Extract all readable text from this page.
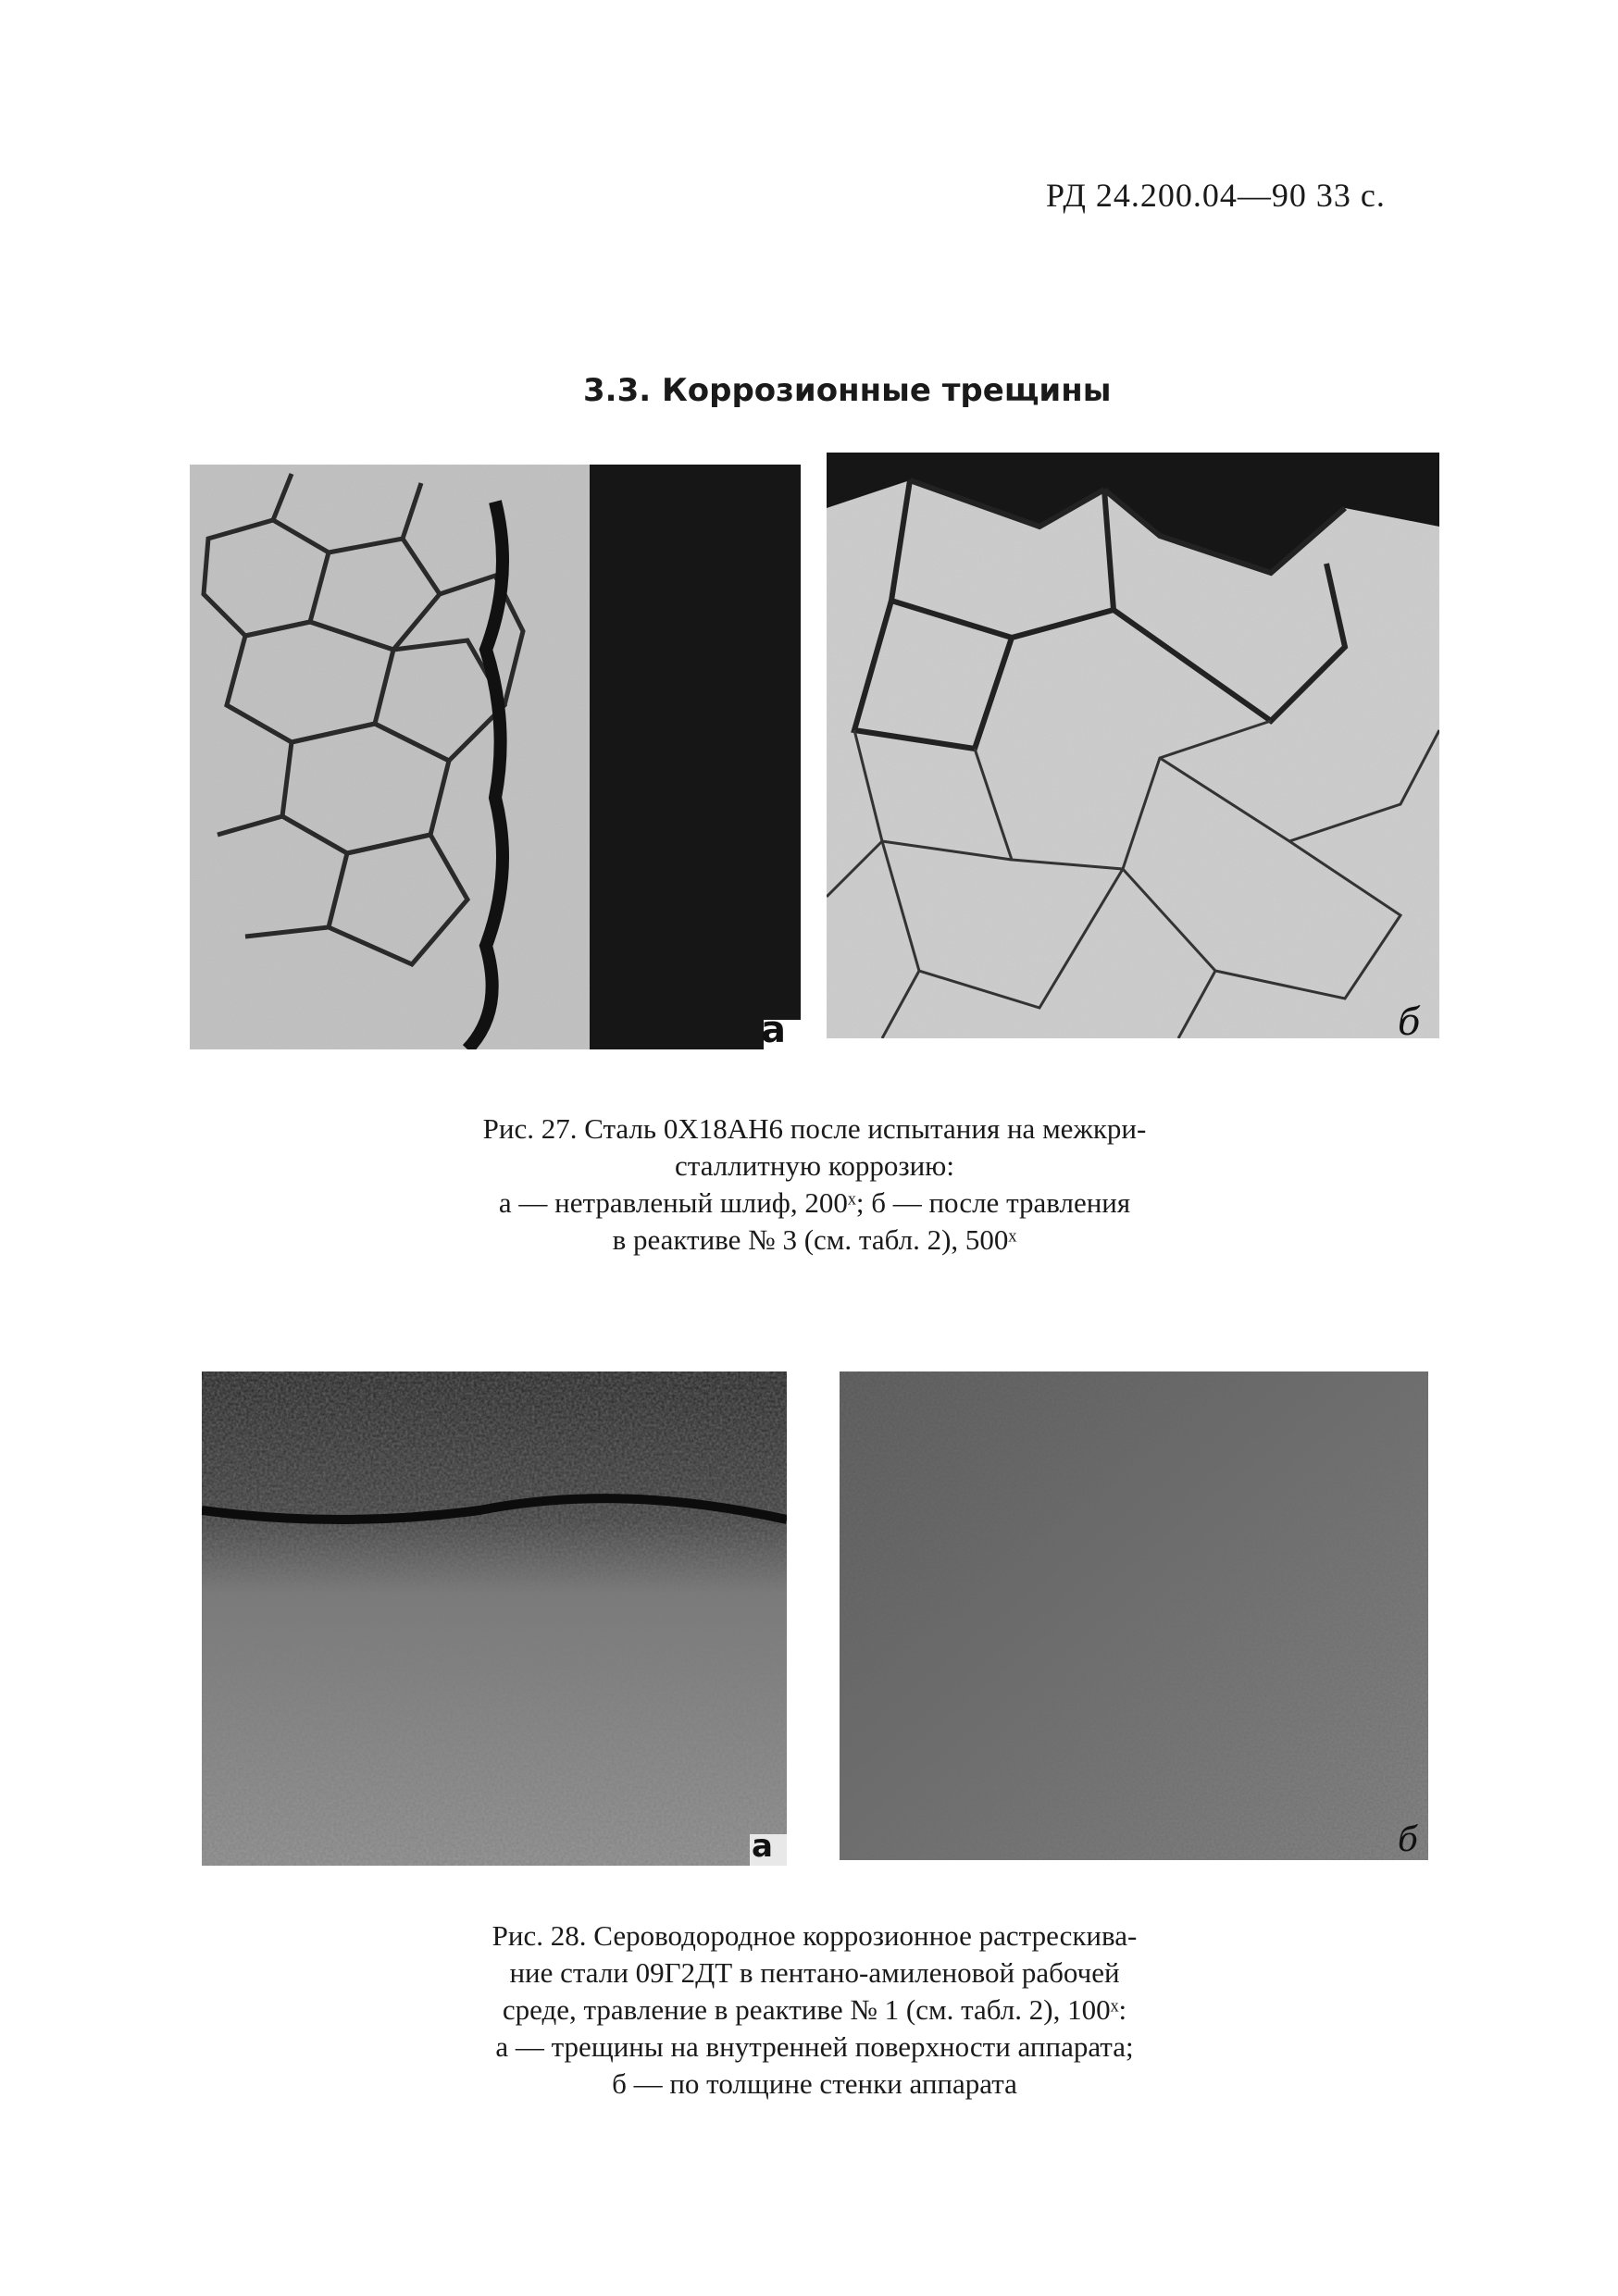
РД 24.200.04—90 33 с.
3.3. Коррозионные трещины
а	б
Рис. 27. Сталь 0Х18АН6 после испытания на межкри-
сталлитную коррозию:
а — нетравленый шлиф, 200ˣ; б — после травления
в реактиве № 3 (см. табл. 2), 500ˣ
а	б
Рис. 28. Сероводородное коррозионное растрескива-
ние стали 09Г2ДТ в пентано-амиленовой рабочей
среде, травление в реактиве № 1 (см. табл. 2), 100ˣ:
а — трещины на внутренней поверхности аппарата;
б — по толщине стенки аппарата
